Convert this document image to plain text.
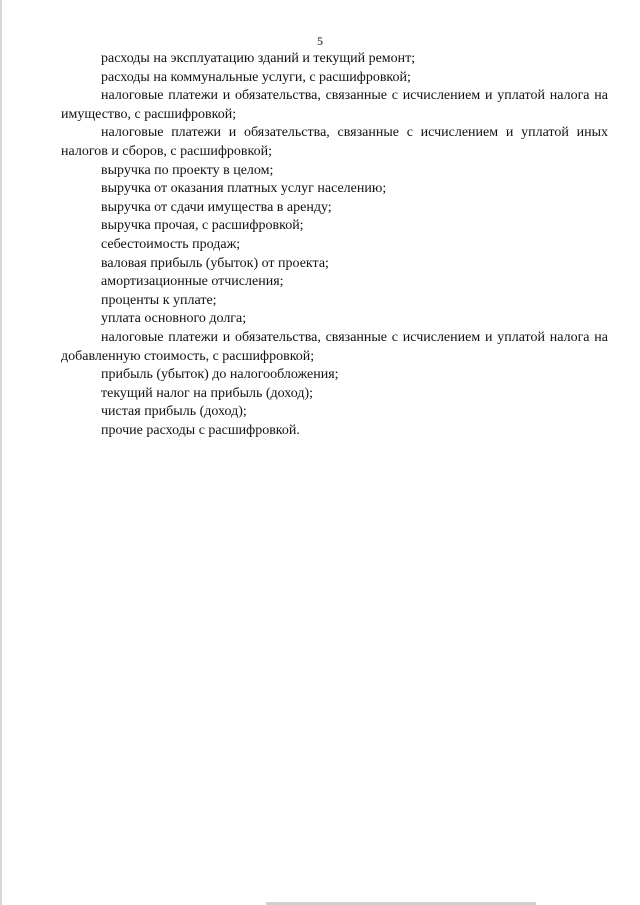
5

расходы на эксплуатацию зданий и текущий ремонт;

расходы на коммунальные услуги, с расшифровкой;

налоговые платежи и обязательства, связанные с исчислением и уплатой налога на имущество, с расшифровкой;

налоговые платежи и обязательства, связанные с исчислением и уплатой иных налогов и сборов, с расшифровкой;

выручка по проекту в целом;

выручка от оказания платных услуг населению;

выручка от сдачи имущества в аренду;

выручка прочая, с расшифровкой;

себестоимость продаж;

валовая прибыль (убыток) от проекта;

амортизационные отчисления;

проценты к уплате;

уплата основного долга;

налоговые платежи и обязательства, связанные с исчислением и уплатой налога на добавленную стоимость, с расшифровкой;

прибыль (убыток) до налогообложения;

текущий налог на прибыль (доход);

чистая прибыль (доход);

прочие расходы с расшифровкой.
